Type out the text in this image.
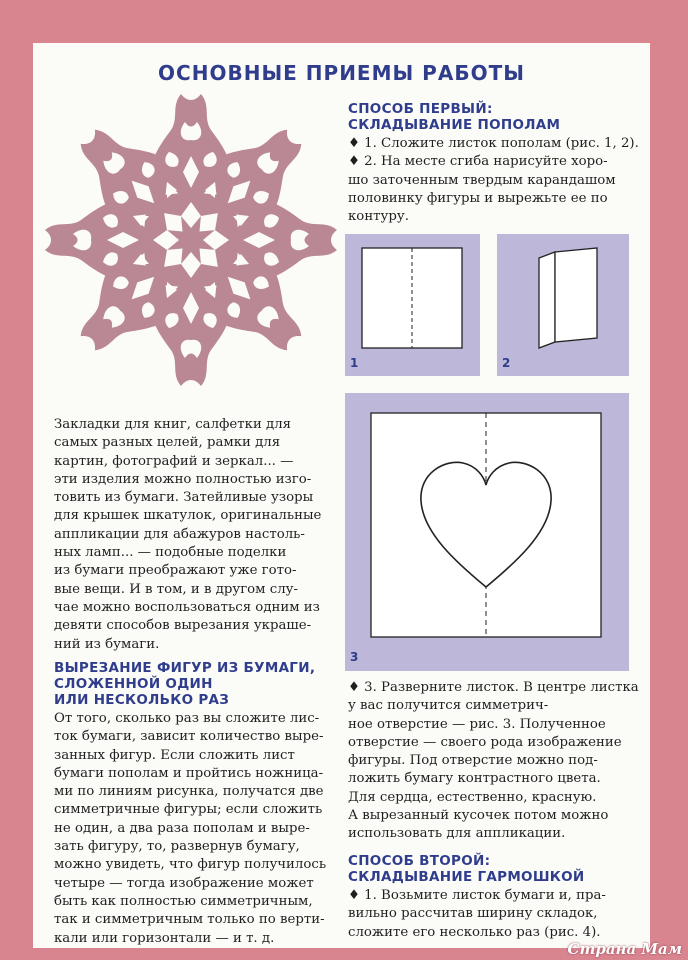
ОСНОВНЫЕ ПРИЕМЫ РАБОТЫ
СПОСОБ ПЕРВЫЙ:
СКЛАДЫВАНИЕ ПОПОЛАМ
♦ 1. Сложите листок пополам (рис. 1, 2).
♦ 2. На месте сгиба нарисуйте хоро-
шо заточенным твердым карандашом
половинку фигуры и вырежьте ее по
контуру.
1	2
3
Закладки для книг, салфетки для
самых разных целей, рамки для
картин, фотографий и зеркал... —
эти изделия можно полностью изго-
товить из бумаги. Затейливые узоры
для крышек шкатулок, оригинальные
аппликации для абажуров настоль-
ных ламп... — подобные поделки
из бумаги преображают уже гото-
вые вещи. И в том, и в другом слу-
чае можно воспользоваться одним из
девяти способов вырезания украше-
ний из бумаги.
ВЫРЕЗАНИЕ ФИГУР ИЗ БУМАГИ,
СЛОЖЕННОЙ ОДИН
ИЛИ НЕСКОЛЬКО РАЗ
От того, сколько раз вы сложите лис-
ток бумаги, зависит количество выре-
занных фигур. Если сложить лист
бумаги пополам и пройтись ножница-
ми по линиям рисунка, получатся две
симметричные фигуры; если сложить
не один, а два раза пополам и выре-
зать фигуру, то, развернув бумагу,
можно увидеть, что фигур получилось
четыре — тогда изображение может
быть как полностью симметричным,
так и симметричным только по верти-
кали или горизонтали — и т. д.
♦ 3. Разверните листок. В центре листка
у вас получится симметрич-
ное отверстие — рис. 3. Полученное
отверстие — своего рода изображение
фигуры. Под отверстие можно под-
ложить бумагу контрастного цвета.
Для сердца, естественно, красную.
А вырезанный кусочек потом можно
использовать для аппликации.
СПОСОБ ВТОРОЙ:
СКЛАДЫВАНИЕ ГАРМОШКОЙ
♦ 1. Возьмите листок бумаги и, пра-
вильно рассчитав ширину складок,
сложите его несколько раз (рис. 4).
Страна Мам
